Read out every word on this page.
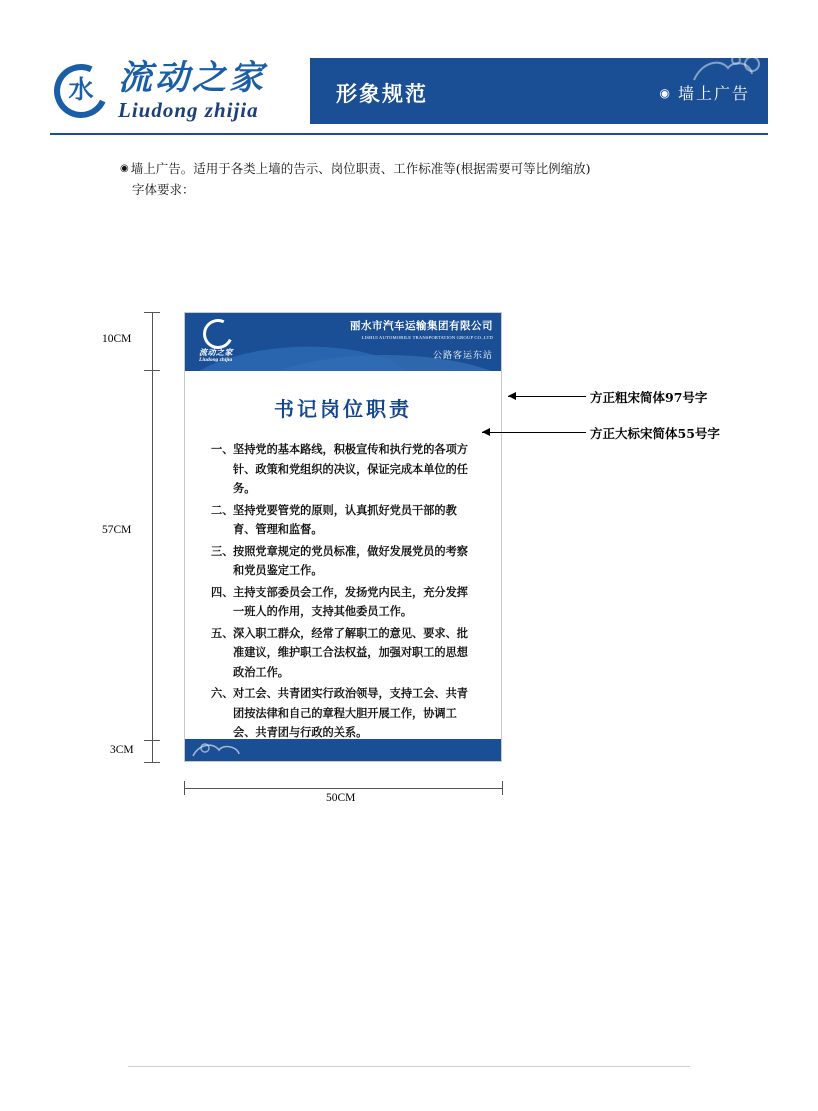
水 流动之家
Liudong zhijia
形象规范	◉ 墙上广告
◉ 墙上广告。适用于各类上墙的告示、岗位职责、工作标准等(根据需要可等比例缩放)
字体要求：
10CM
57CM
3CM
50CM
流动之家
Liudong zhijia
丽水市汽车运输集团有限公司
LISHUI AUTOMOBILE TRANSPORTATION GROUP CO.,LTD
公路客运东站
书记岗位职责

一、 坚持党的基本路线，积极宣传和执行党的各项方针、政策和党组织的决议，保证完成本单位的任务。

二、 坚持党要管党的原则，认真抓好党员干部的教育、管理和监督。

三、 按照党章规定的党员标准，做好发展党员的考察和党员鉴定工作。

四、 主持支部委员会工作，发扬党内民主，充分发挥一班人的作用，支持其他委员工作。

五、 深入职工群众，经常了解职工的意见、要求、批准建议，维护职工合法权益，加强对职工的思想政治工作。

六、 对工会、共青团实行政治领导，支持工会、共青团按法律和自己的章程大胆开展工作，协调工会、共青团与行政的关系。

方正粗宋简体97号字
方正大标宋简体55号字
